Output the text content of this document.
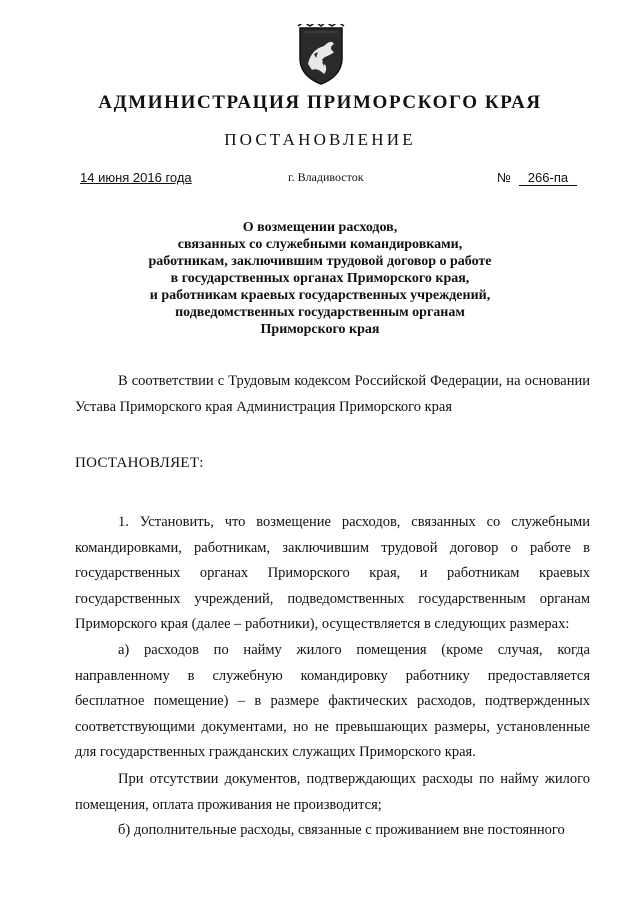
АДМИНИСТРАЦИЯ ПРИМОРСКОГО КРАЯ
ПОСТАНОВЛЕНИЕ
14 июня 2016 года	г. Владивосток	№ 266-па
О возмещении расходов,
связанных со служебными командировками,
работникам, заключившим трудовой договор о работе
в государственных органах Приморского края,
и работникам краевых государственных учреждений,
подведомственных государственным органам
Приморского края

В соответствии с Трудовым кодексом Российской Федерации, на основании Устава Приморского края Администрация Приморского края

ПОСТАНОВЛЯЕТ:

1. Установить, что возмещение расходов, связанных со служебными командировками, работникам, заключившим трудовой договор о работе в государственных органах Приморского края, и работникам краевых государственных учреждений, подведомственных государственным органам Приморского края (далее – работники), осуществляется в следующих размерах:

а) расходов по найму жилого помещения (кроме случая, когда направленному в служебную командировку работнику предоставляется бесплатное помещение) – в размере фактических расходов, подтвержденных соответствующими документами, но не превышающих размеры, установленные для государственных гражданских служащих Приморского края.

При отсутствии документов, подтверждающих расходы по найму жилого помещения, оплата проживания не производится;

б) дополнительные расходы, связанные с проживанием вне постоянного
